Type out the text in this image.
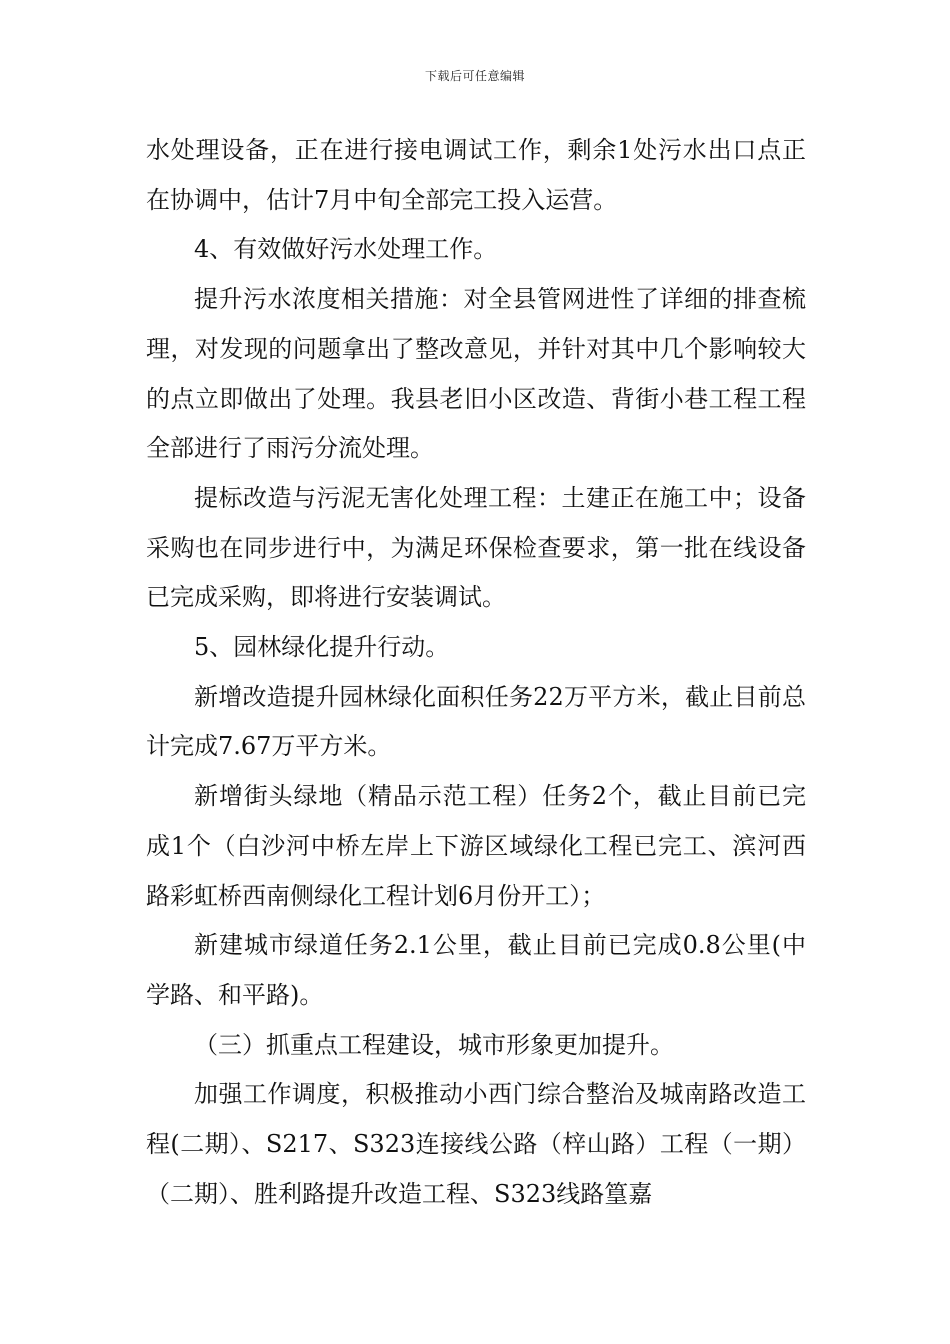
下载后可任意编辑

水处理设备，正在进行接电调试工作，剩余1处污水出口点正在协调中，估计7月中旬全部完工投入运营。

4、有效做好污水处理工作。

提升污水浓度相关措施：对全县管网进性了详细的排查梳理，对发现的问题拿出了整改意见，并针对其中几个影响较大的点立即做出了处理。我县老旧小区改造、背街小巷工程工程全部进行了雨污分流处理。

提标改造与污泥无害化处理工程：土建正在施工中；设备采购也在同步进行中，为满足环保检查要求，第一批在线设备已完成采购，即将进行安装调试。

5、园林绿化提升行动。

新增改造提升园林绿化面积任务22万平方米，截止目前总计完成7.67万平方米。

新增街头绿地（精品示范工程）任务2个，截止目前已完成1个（白沙河中桥左岸上下游区域绿化工程已完工、滨河西路彩虹桥西南侧绿化工程计划6月份开工）；

新建城市绿道任务2.1公里，截止目前已完成0.8公里(中学路、和平路)。

（三）抓重点工程建设，城市形象更加提升。

加强工作调度，积极推动小西门综合整治及城南路改造工程(二期）、S217、S323连接线公路（梓山路）工程（一期）（二期）、胜利路提升改造工程、S323线路篁嘉
